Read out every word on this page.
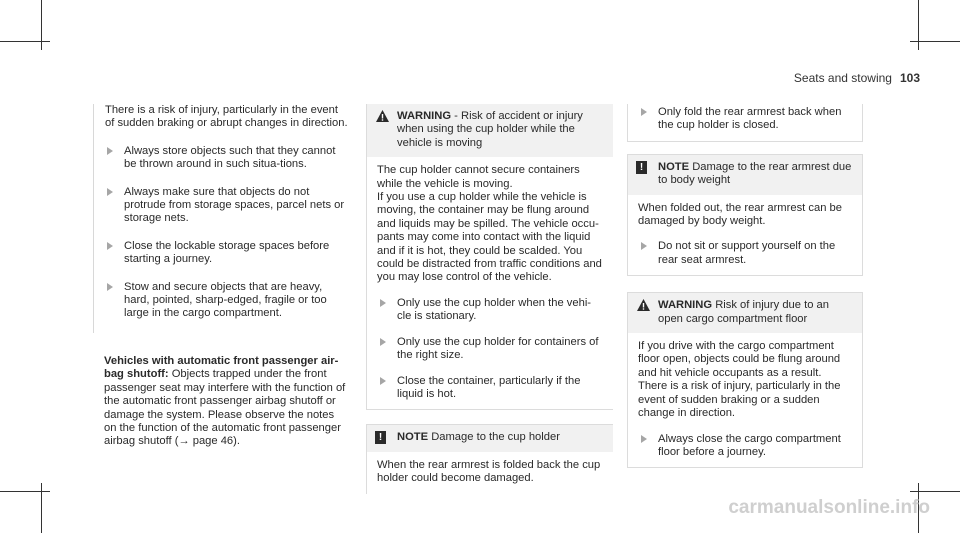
Seats and stowing 103

There is a risk of injury, particularly in the event of sudden braking or abrupt changes in direction.

Always store objects such that they cannot be thrown around in such situa-tions.
Always make sure that objects do not protrude from storage spaces, parcel nets or storage nets.
Close the lockable storage spaces before starting a journey.
Stow and secure objects that are heavy, hard, pointed, sharp-edged, fragile or too large in the cargo compartment.

Vehicles with automatic front passenger air-bag shutoff: Objects trapped under the front passenger seat may interfere with the function of the automatic front passenger airbag shutoff or damage the system. Please observe the notes on the function of the automatic front passenger airbag shutoff (→ page 46).

WARNING - Risk of accident or injury when using the cup holder while the vehicle is moving

The cup holder cannot secure containers while the vehicle is moving.

If you use a cup holder while the vehicle is moving, the container may be flung around and liquids may be spilled. The vehicle occu-pants may come into contact with the liquid and if it is hot, they could be scalded. You could be distracted from traffic conditions and you may lose control of the vehicle.

Only use the cup holder when the vehi-cle is stationary.
Only use the cup holder for containers of the right size.
Close the container, particularly if the liquid is hot.
!	NOTE Damage to the cup holder

When the rear armrest is folded back the cup holder could become damaged.

Only fold the rear armrest back when the cup holder is closed.
!	NOTE Damage to the rear armrest due to body weight

When folded out, the rear armrest can be damaged by body weight.

Do not sit or support yourself on the rear seat armrest.
WARNING Risk of injury due to an open cargo compartment floor

If you drive with the cargo compartment floor open, objects could be flung around and hit vehicle occupants as a result. There is a risk of injury, particularly in the event of sudden braking or a sudden change in direction.

Always close the cargo compartment floor before a journey.
carmanualsonline.info
